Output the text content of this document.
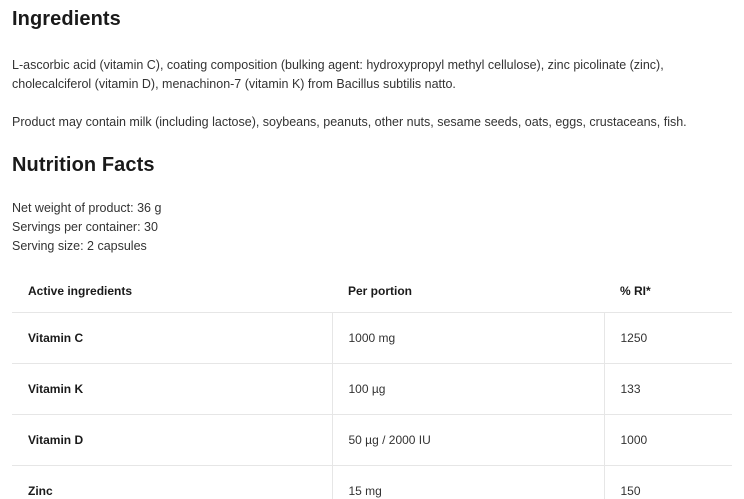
Ingredients

L-ascorbic acid (vitamin C), coating composition (bulking agent: hydroxypropyl methyl cellulose), zinc picolinate (zinc), cholecalciferol (vitamin D), menachinon-7 (vitamin K) from Bacillus subtilis natto.

Product may contain milk (including lactose), soybeans, peanuts, other nuts, sesame seeds, oats, eggs, crustaceans, fish.

Nutrition Facts
Net weight of product: 36 g
Servings per container: 30
Serving size: 2 capsules
Active ingredients	Per portion	% RI*
Vitamin C	1000 mg	1250
Vitamin K	100 µg	133
Vitamin D	50 µg / 2000 IU	1000
Zinc	15 mg	150
